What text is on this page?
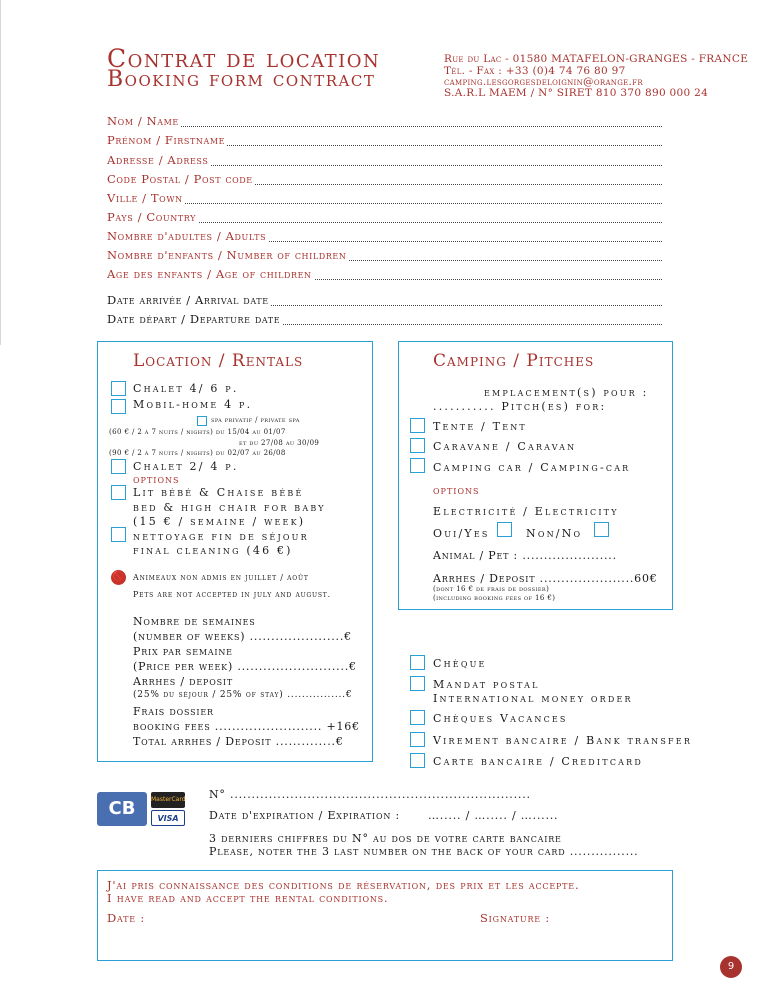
Contrat de location
Booking form contract
Rue du Lac - 01580 MATAFELON-GRANGES - FRANCE
Tél. - Fax : +33 (0)4 74 76 80 97
camping.lesgorgesdeloignin@orange.fr
S.A.R.L MAEM / N° SIRET 810 370 890 000 24
Nom / Name
Prénom / Firstname
Adresse / Adress
Code Postal / Post code
Ville / Town
Pays / Country
Nombre d'adultes / Adults
Nombre d'enfants / Number of children
Age des enfants / Age of children
Date arrivée / Arrival date
Date départ / Departure date
Location / Rentals
Chalet 4/ 6 p.
Mobil-home 4 p.
spa privatif / private spa
(60 € / 2 à 7 nuits / nights) du 15/04 au 01/07
et du 27/08 au 30/09
(90 € / 2 à 7 nuits / nights) du 02/07 au 26/08
Chalet 2/ 4 p.
options
Lit bébé & Chaise bébé
bed & high chair for baby
(15 € / semaine / week)
nettoyage fin de séjour
final cleaning (46 €)
🚫 Animeaux non admis en juillet / août
Pets are not accepted in july and august.
Nombre de semaines
(number of weeks) ......................€
Prix par semaine
(Price per week) ..........................€
Arrhes / deposit
(25% du séjour / 25% of stay) ................€
Frais dossier
booking fees ......................... +16€
Total arrhes / Deposit ..............€
Camping / Pitches
emplacement(s) pour :
........... Pitch(es) for:
Tente / Tent
Caravane / Caravan
Camping car / Camping-car
options
Electricité / Electricity
Oui/Yes	Non/No
Animal / Pet : ......................
Arrhes / Deposit ......................60€
(dont 16 € de frais de dossier)
(including booking fees of 16 €)
Chèque
Mandat postal
International money order
Chèques Vacances
Virement bancaire / Bank transfer
Carte bancaire / Creditcard
CB	MasterCard
VISA
N° ......................................................................
Date d'expiration / Expiration :	…..... / …..... / …......
3 derniers chiffres du N° au dos de votre carte bancaire
Please, noter the 3 last number on the back of your card ................
J'ai pris connaissance des conditions de réservation, des prix et les accepte.
I have read and accept the rental conditions.
Date :	Signature :
9
